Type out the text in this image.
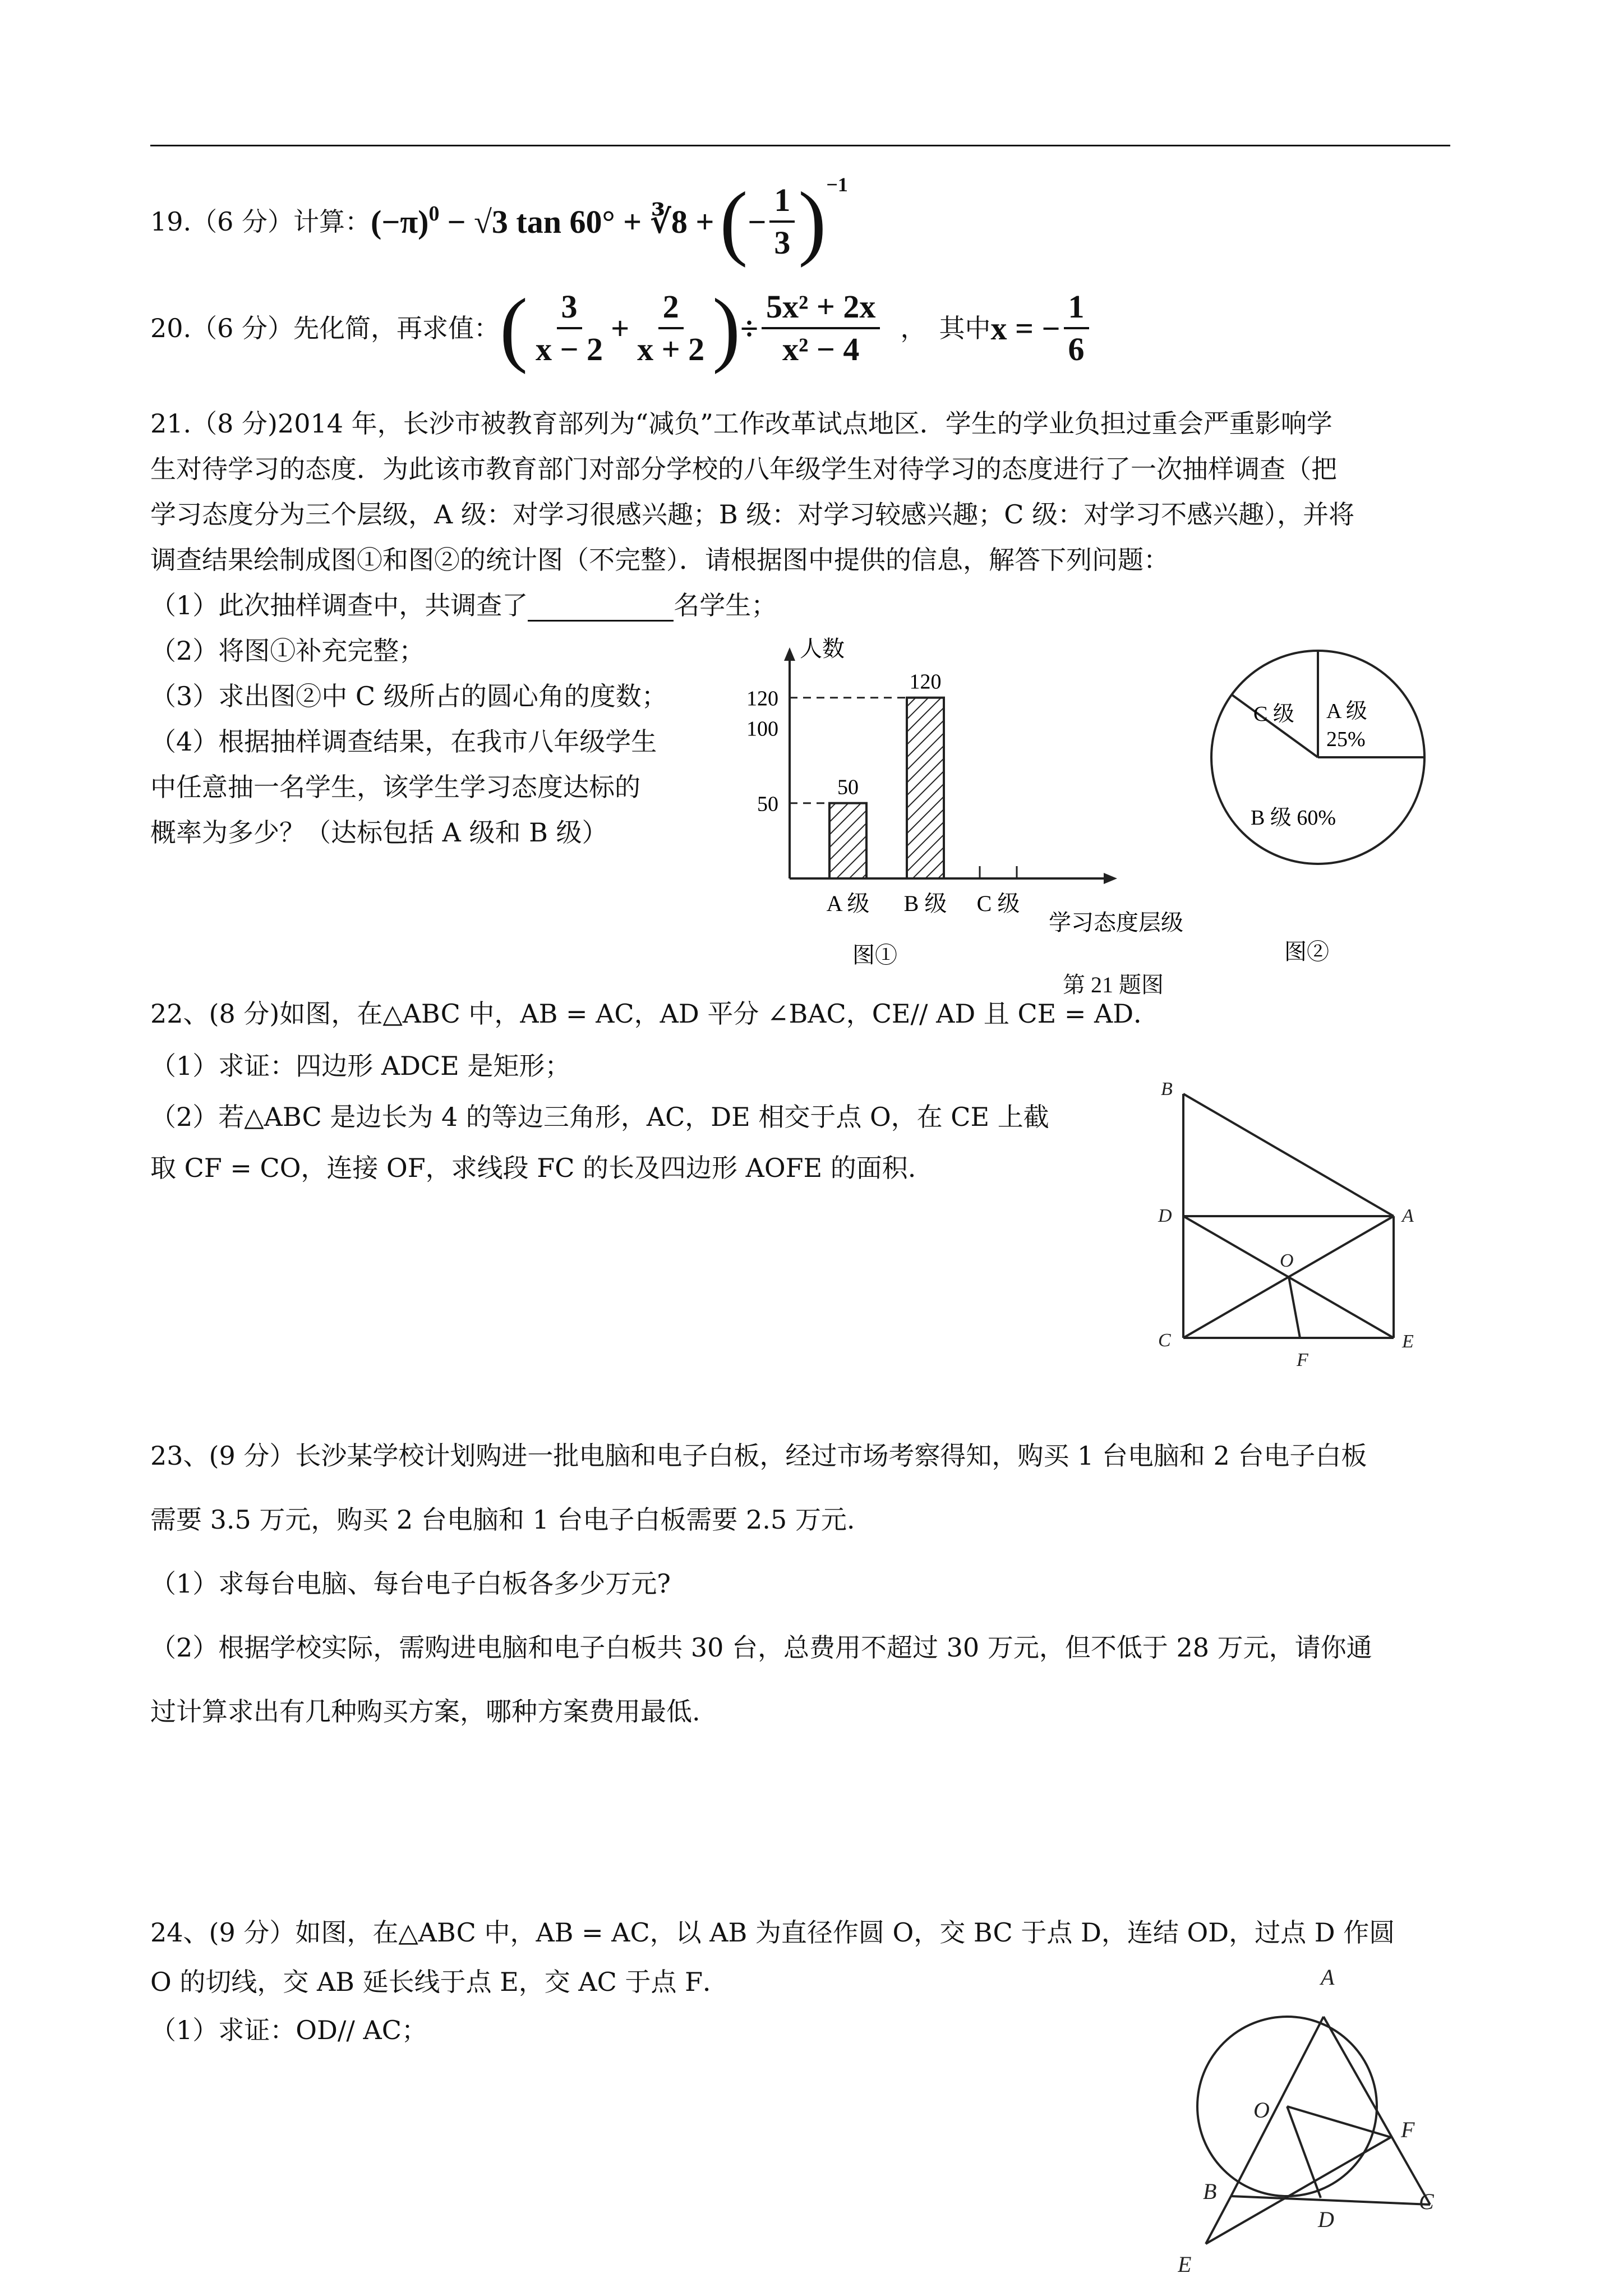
19.（6 分）计算： $(-\pi)^0 - √3$ tan 60° + ∛8 + ( − $\frac{1}{3} )^{-1}$
20.（6 分）先化简，再求值： ( $\frac{3}{x - 2} + \frac{2}{x + 2}$ ) ÷ $\frac{\text{5x² + 2x}}{\text{x² − 4}}$ ，　其中 x = − $\frac{1}{6}$
21.（8 分)2014 年，长沙市被教育部列为“减负”工作改革试点地区．学生的学业负担过重会严重影响学
生对待学习的态度．为此该市教育部门对部分学校的八年级学生对待学习的态度进行了一次抽样调查（把
学习态度分为三个层级，A 级：对学习很感兴趣；B 级：对学习较感兴趣；C 级：对学习不感兴趣），并将
调查结果绘制成图①和图②的统计图（不完整）．请根据图中提供的信息，解答下列问题：
（1）此次抽样调查中，共调查了	名学生；
（2）将图①补充完整；
（3）求出图②中 C 级所占的圆心角的度数；
（4）根据抽样调查结果，在我市八年级学生
中任意抽一名学生，该学生学习态度达标的
概率为多少？（达标包括 A 级和 B 级）
人数
学习态度层级
50
100
120
A 级
50
B 级
120
C 级
图①
A 级
25%
B 级 60%
C 级
图②
第 21 题图
22、(8 分)如图，在△ABC 中，AB = AC，AD 平分 ∠BAC，CE// AD 且 CE = AD．
（1）求证：四边形 ADCE 是矩形；
（2）若△ABC 是边长为 4 的等边三角形，AC，DE 相交于点 O，在 CE 上截
取 CF = CO，连接 OF，求线段 FC 的长及四边形 AOFE 的面积.
B
D	A
O
C
F
E
23、(9 分）长沙某学校计划购进一批电脑和电子白板，经过市场考察得知，购买 1 台电脑和 2 台电子白板
需要 3.5 万元，购买 2 台电脑和 1 台电子白板需要 2.5 万元.
（1）求每台电脑、每台电子白板各多少万元?
（2）根据学校实际，需购进电脑和电子白板共 30 台，总费用不超过 30 万元，但不低于 28 万元，请你通
过计算求出有几种购买方案，哪种方案费用最低.
24、(9 分）如图，在△ABC 中，AB = AC，以 AB 为直径作圆 O，交 BC 于点 D，连结 OD，过点 D 作圆
O 的切线，交 AB 延长线于点 E，交 AC 于点 F．
（1）求证：OD// AC；
A
O
F
B	C
D
E
